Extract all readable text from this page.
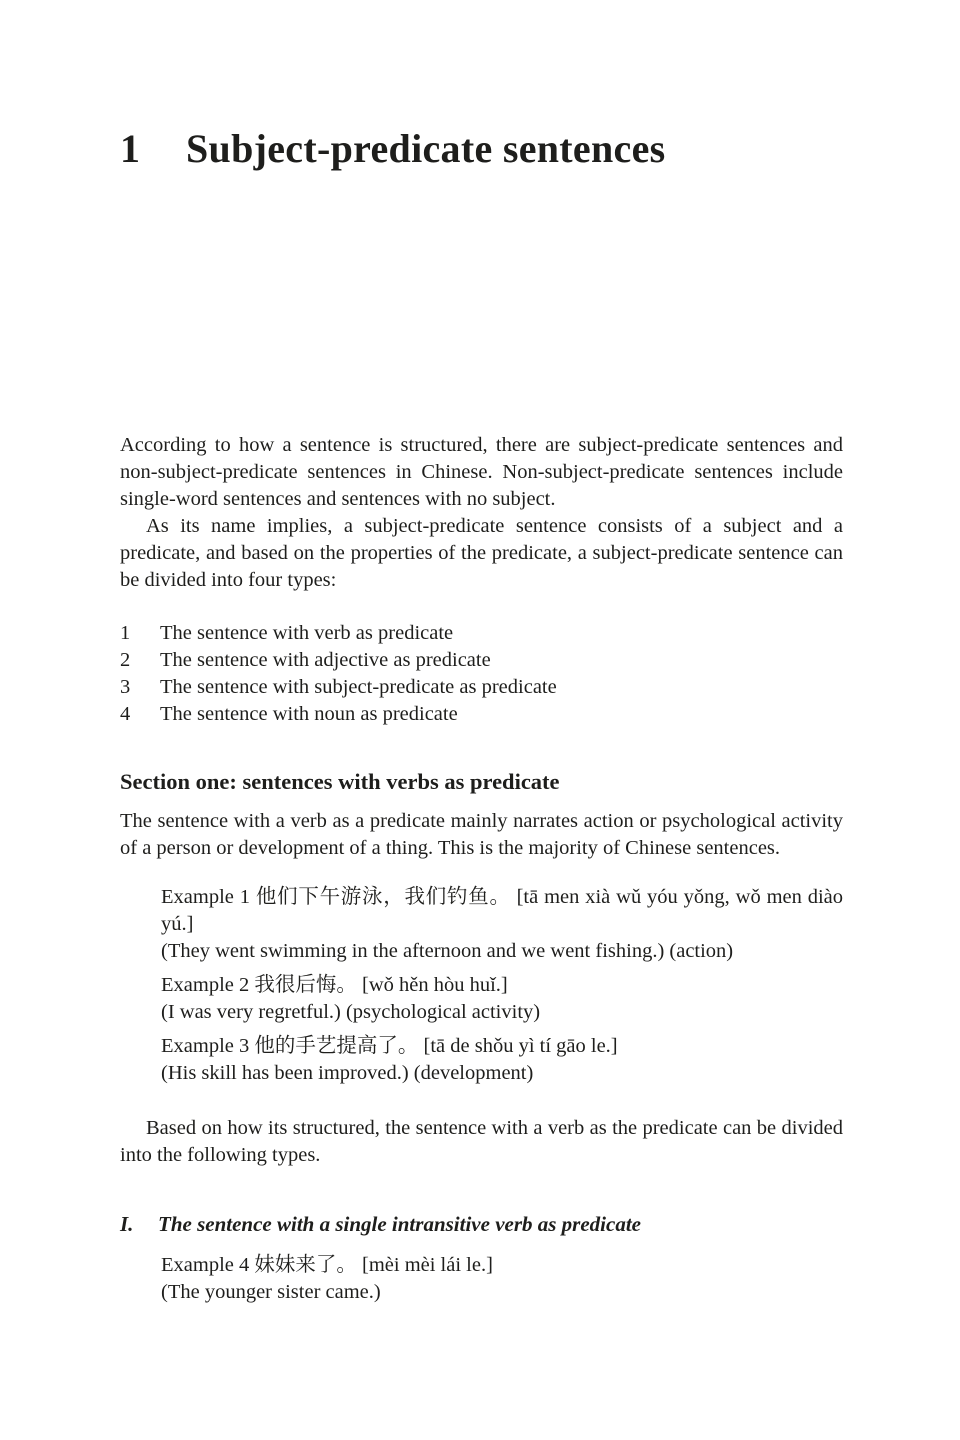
1	Subject-predicate sentences

According to how a sentence is structured, there are subject-predicate sentences and non-subject-predicate sentences in Chinese. Non-subject-predicate sentences include single-word sentences and sentences with no subject.

As its name implies, a subject-predicate sentence consists of a subject and a predicate, and based on the properties of the predicate, a subject-predicate sentence can be divided into four types:

1	The sentence with verb as predicate
2	The sentence with adjective as predicate
3	The sentence with subject-predicate as predicate
4	The sentence with noun as predicate
Section one: sentences with verbs as predicate

The sentence with a verb as a predicate mainly narrates action or psychological activity of a person or development of a thing. This is the majority of Chinese sentences.

Example 1 他们下午游泳，我们钓鱼。 [tā men xià wǔ yóu yǒng, wǒ men diào yú.]

(They went swimming in the afternoon and we went fishing.) (action)

Example 2 我很后悔。 [wǒ hěn hòu huǐ.]

(I was very regretful.) (psychological activity)

Example 3 他的手艺提高了。 [tā de shǒu yì tí gāo le.]

(His skill has been improved.) (development)

Based on how its structured, the sentence with a verb as the predicate can be divided into the following types.

I.	The sentence with a single intransitive verb as predicate

Example 4 妹妹来了。 [mèi mèi lái le.]

(The younger sister came.)
